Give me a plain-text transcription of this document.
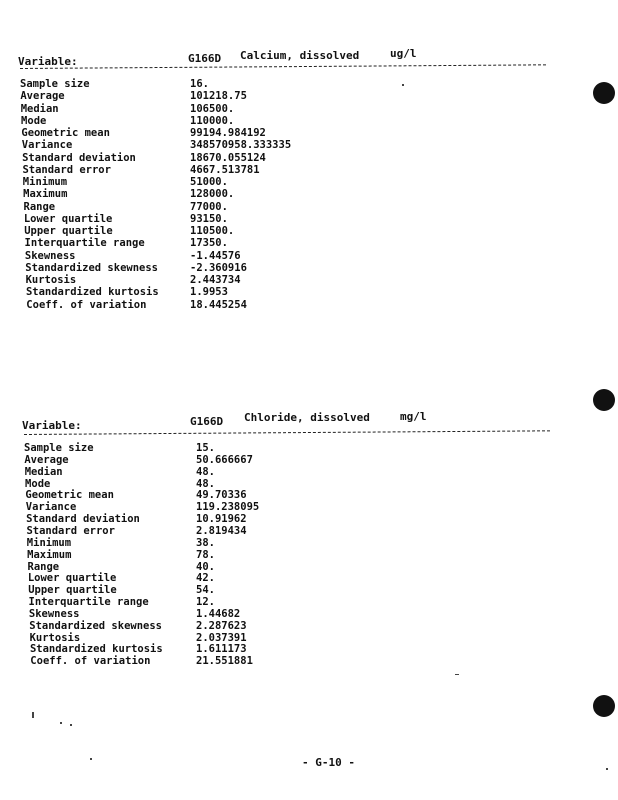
Variable:	G166D Calcium, dissolved	ug/l
Sample size	16.
Average	101218.75
Median	106500.
Mode	110000.
Geometric mean	99194.984192
Variance	348570958.333335
Standard deviation	18670.055124
Standard error	4667.513781
Minimum	51000.
Maximum	128000.
Range	77000.
Lower quartile	93150.
Upper quartile	110500.
Interquartile range	17350.
Skewness	-1.44576
Standardized skewness	-2.360916
Kurtosis	2.443734
Standardized kurtosis	1.9953
Coeff. of variation	18.445254
Variable:	G166D Chloride, dissolved	mg/l
Sample size	15.
Average	50.666667
Median	48.
Mode	48.
Geometric mean	49.70336
Variance	119.238095
Standard deviation	10.91962
Standard error	2.819434
Minimum	38.
Maximum	78.
Range	40.
Lower quartile	42.
Upper quartile	54.
Interquartile range	12.
Skewness	1.44682
Standardized skewness	2.287623
Kurtosis	2.037391
Standardized kurtosis	1.611173
Coeff. of variation	21.551881
- G-10 -
